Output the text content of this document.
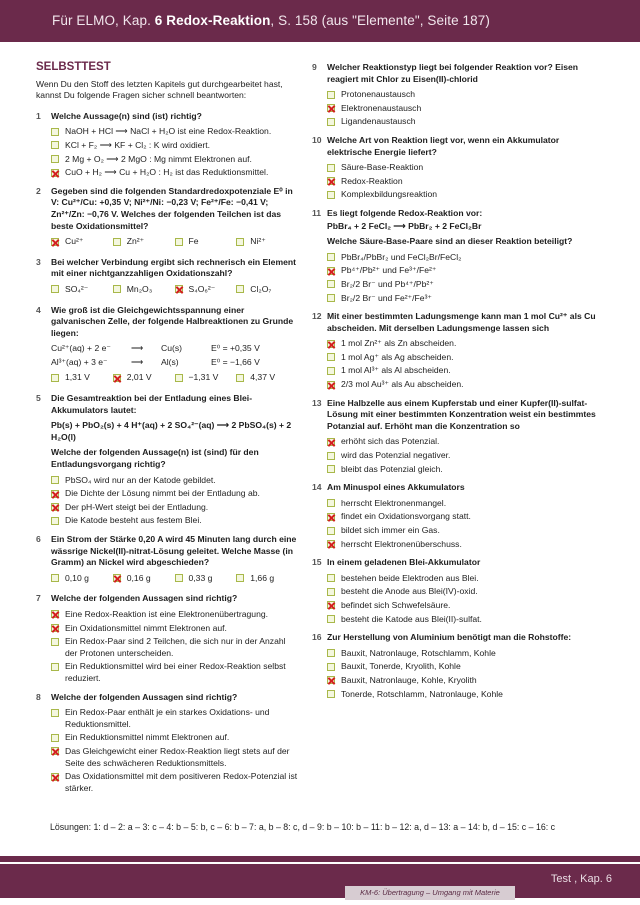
Für ELMO, Kap. 6 Redox-Reaktion, S. 158 (aus "Elemente", Seite 187)
SELBSTTEST
Wenn Du den Stoff des letzten Kapitels gut durchgearbeitet hast, kannst Du folgende Fragen sicher schnell beantworten:
1	Welche Aussage(n) sind (ist) richtig?
NaOH + HCl ⟶ NaCl + H₂O ist eine Redox-Reaktion.
KCl + F₂ ⟶ KF + Cl₂ : K wird oxidiert.
2 Mg + O₂ ⟶ 2 MgO : Mg nimmt Elektronen auf.
CuO + H₂ ⟶ Cu + H₂O : H₂ ist das Reduktionsmittel.
2	Gegeben sind die folgenden Standardredoxpotenziale E⁰ in V: Cu²⁺/Cu: +0,35 V; Ni²⁺/Ni: −0,23 V; Fe²⁺/Fe: −0,41 V; Zn²⁺/Zn: −0,76 V. Welches der folgenden Teilchen ist das beste Oxidationsmittel?
Cu²⁺	Zn²⁺	Fe	Ni²⁺
3	Bei welcher Verbindung ergibt sich rechnerisch ein Element mit einer nichtganzzahligen Oxidationszahl?
SO₄²⁻	Mn₂O₃	S₄O₆²⁻	Cl₂O₇
4	Wie groß ist die Gleichgewichtsspannung einer galvanischen Zelle, der folgende Halbreaktionen zu Grunde liegen:
Cu²⁺(aq) + 2 e⁻	⟶	Cu(s)	E⁰ = +0,35 V
Al³⁺(aq) + 3 e⁻	⟶	Al(s)	E⁰ = −1,66 V
1,31 V	2,01 V	−1,31 V	4,37 V
5	Die Gesamtreaktion bei der Entladung eines Blei-Akkumulators lautet:
Pb(s) + PbO₂(s) + 4 H⁺(aq) + 2 SO₄²⁻(aq) ⟶ 2 PbSO₄(s) + 2 H₂O(l)
Welche der folgenden Aussage(n) ist (sind) für den Entladungsvorgang richtig?
PbSO₄ wird nur an der Katode gebildet.
Die Dichte der Lösung nimmt bei der Entladung ab.
Der pH-Wert steigt bei der Entladung.
Die Katode besteht aus festem Blei.
6	Ein Strom der Stärke 0,20 A wird 45 Minuten lang durch eine wässrige Nickel(II)-nitrat-Lösung geleitet. Welche Masse (in Gramm) an Nickel wird abgeschieden?
0,10 g	0,16 g	0,33 g	1,66 g
7	Welche der folgenden Aussagen sind richtig?
Eine Redox-Reaktion ist eine Elektronenübertragung.
Ein Oxidationsmittel nimmt Elektronen auf.
Ein Redox-Paar sind 2 Teilchen, die sich nur in der Anzahl der Protonen unterscheiden.
Ein Reduktionsmittel wird bei einer Redox-Reaktion selbst reduziert.
8	Welche der folgenden Aussagen sind richtig?
Ein Redox-Paar enthält je ein starkes Oxidations- und Reduktionsmittel.
Ein Reduktionsmittel nimmt Elektronen auf.
Das Gleichgewicht einer Redox-Reaktion liegt stets auf der Seite des schwächeren Reduktionsmittels.
Das Oxidationsmittel mit dem positiveren Redox-Potenzial ist stärker.
9	Welcher Reaktionstyp liegt bei folgender Reaktion vor? Eisen reagiert mit Chlor zu Eisen(II)-chlorid
Protonenaustausch
Elektronenaustausch
Ligandenaustausch
10 Welche Art von Reaktion liegt vor, wenn ein Akkumulator elektrische Energie liefert?
Säure-Base-Reaktion
Redox-Reaktion
Komplexbildungsreaktion
11 Es liegt folgende Redox-Reaktion vor:
PbBr₄ + 2 FeCl₂ ⟶ PbBr₂ + 2 FeCl₂Br
Welche Säure-Base-Paare sind an dieser Reaktion beteiligt?
PbBr₄/PbBr₂ und FeCl₂Br/FeCl₂
Pb⁴⁺/Pb²⁺ und Fe³⁺/Fe²⁺
Br₂/2 Br⁻ und Pb⁴⁺/Pb²⁺
Br₂/2 Br⁻ und Fe²⁺/Fe³⁺
12 Mit einer bestimmten Ladungsmenge kann man 1 mol Cu²⁺ als Cu abscheiden. Mit derselben Ladungsmenge lassen sich
1 mol Zn²⁺ als Zn abscheiden.
1 mol Ag⁺ als Ag abscheiden.
1 mol Al³⁺ als Al abscheiden.
2/3 mol Au³⁺ als Au abscheiden.
13 Eine Halbzelle aus einem Kupferstab und einer Kupfer(II)-sulfat-Lösung mit einer bestimmten Konzentration weist ein bestimmtes Potanzial auf. Erhöht man die Konzentration so
erhöht sich das Potenzial.
wird das Potenzial negativer.
bleibt das Potenzial gleich.
14 Am Minuspol eines Akkumulators
herrscht Elektronenmangel.
findet ein Oxidationsvorgang statt.
bildet sich immer ein Gas.
herrscht Elektronenüberschuss.
15 In einem geladenen Blei-Akkumulator
bestehen beide Elektroden aus Blei.
besteht die Anode aus Blei(IV)-oxid.
befindet sich Schwefelsäure.
besteht die Katode aus Blei(II)-sulfat.
16 Zur Herstellung von Aluminium benötigt man die Rohstoffe:
Bauxit, Natronlauge, Rotschlamm, Kohle
Bauxit, Tonerde, Kryolith, Kohle
Bauxit, Natronlauge, Kohle, Kryolith
Tonerde, Rotschlamm, Natronlauge, Kohle
Lösungen: 1: d – 2: a – 3: c – 4: b – 5: b, c – 6: b – 7: a, b – 8: c, d – 9: b – 10: b – 11: b – 12: a, d – 13: a – 14: b, d – 15: c – 16: c
Test , Kap. 6
KM-6: Übertragung – Umgang mit Materie
